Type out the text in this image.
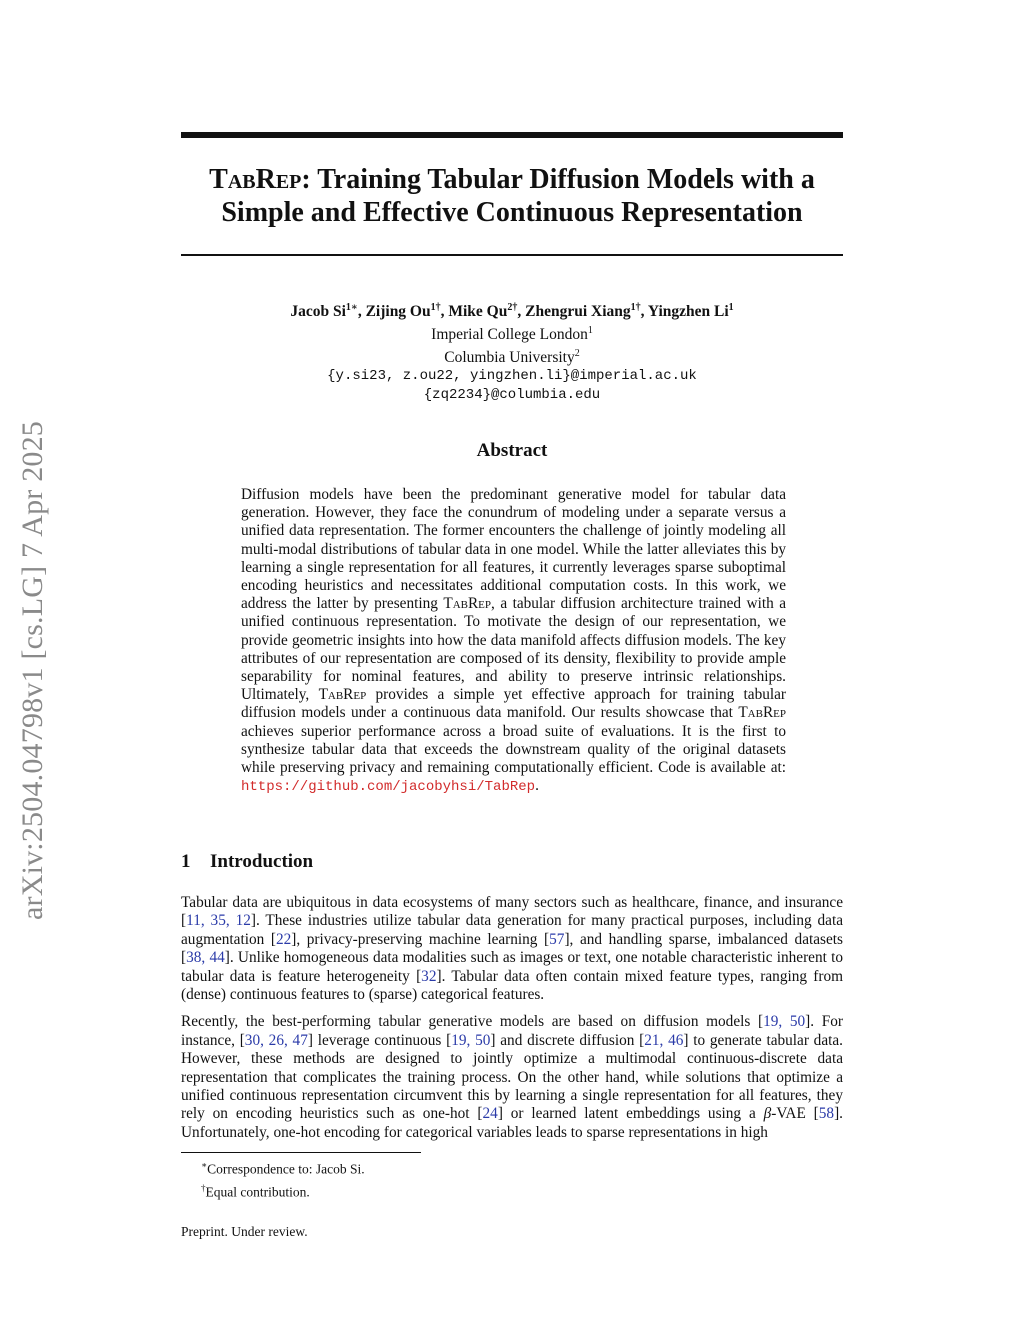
arXiv:2504.04798v1 [cs.LG] 7 Apr 2025
TabRep: Training Tabular Diffusion Models with a
Simple and Effective Continuous Representation
Jacob $Si^{1∗}$, Zijing $Ou^{1\dagger}$, Mike $Qu^{2\dagger}$, Zhengrui Xiang$^{1\dagger}$, Yingzhen Li$^1$
Imperial College London$^1$
Columbia University$^2$
{y.si23, z.ou22, yingzhen.li}@imperial.ac.uk
{zq2234}@columbia.edu
Abstract
Diffusion models have been the predominant generative model for tabular data generation. However, they face the conundrum of modeling under a separate versus a unified data representation. The former encounters the challenge of jointly modeling all multi-modal distributions of tabular data in one model. While the latter alleviates this by learning a single representation for all features, it currently leverages sparse suboptimal encoding heuristics and necessitates additional computation costs. In this work, we address the latter by presenting TabRep, a tabular diffusion architecture trained with a unified continuous representation. To motivate the design of our representation, we provide geometric insights into how the data manifold affects diffusion models. The key attributes of our representation are composed of its density, flexibility to provide ample separability for nominal features, and ability to preserve intrinsic relationships. Ultimately, TabRep provides a simple yet effective approach for training tabular diffusion models under a continuous data manifold. Our results showcase that TabRep achieves superior performance across a broad suite of evaluations. It is the first to synthesize tabular data that exceeds the downstream quality of the original datasets while preserving privacy and remaining computationally efficient. Code is available at: https://github.com/jacobyhsi/TabRep.
1 Introduction

Tabular data are ubiquitous in data ecosystems of many sectors such as healthcare, finance, and insurance [11, 35, 12]. These industries utilize tabular data generation for many practical purposes, including data augmentation [22], privacy-preserving machine learning [57], and handling sparse, imbalanced datasets [38, 44]. Unlike homogeneous data modalities such as images or text, one notable characteristic inherent to tabular data is feature heterogeneity [32]. Tabular data often contain mixed feature types, ranging from (dense) continuous features to (sparse) categorical features.

Recently, the best-performing tabular generative models are based on diffusion models [19, 50]. For instance, [30, 26, 47] leverage continuous [19, 50] and discrete diffusion [21, 46] to generate tabular data. However, these methods are designed to jointly optimize a multimodal continuous-discrete data representation that complicates the training process. On the other hand, while solutions that optimize a unified continuous representation circumvent this by learning a single representation for all features, they rely on encoding heuristics such as one-hot [24] or learned latent embeddings using a β-VAE [58]. Unfortunately, one-hot encoding for categorical variables leads to sparse representations in high

∗Correspondence to: Jacob Si.
†Equal contribution.
Preprint. Under review.
